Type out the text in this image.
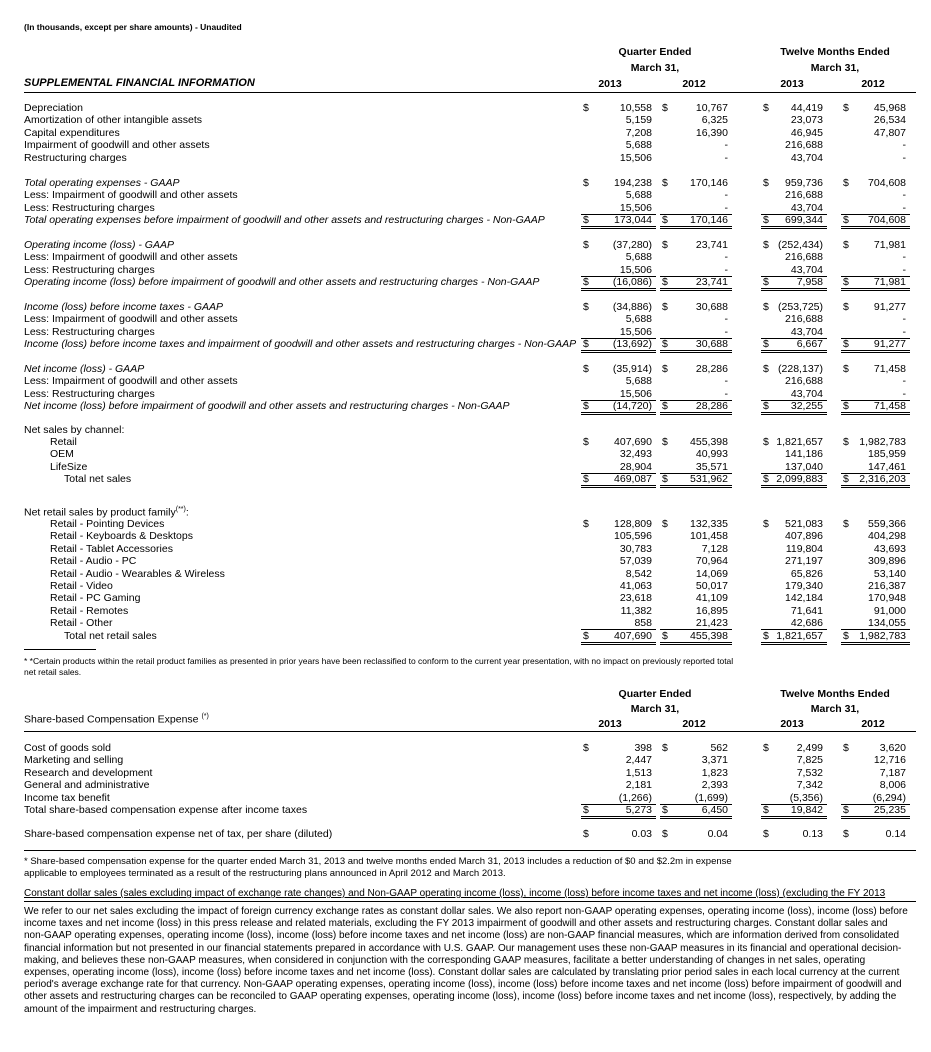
(In thousands, except per share amounts) - Unaudited
Quarter Ended
March 31,
Twelve Months Ended
March 31,
2013	2012	2013	2012
SUPPLEMENTAL FINANCIAL INFORMATION
Depreciation	$	10,558 $	10,767	$	44,419 $	45,968
Amortization of other intangible assets	5,159	6,325	23,073	26,534
Capital expenditures	7,208	16,390	46,945	47,807
Impairment of goodwill and other assets	5,688	-	216,688	-
Restructuring charges	15,506	-	43,704	-
Total operating expenses - GAAP	$	194,238 $	170,146	$	959,736 $	704,608
Less: Impairment of goodwill and other assets	5,688	-	216,688	-
Less: Restructuring charges	15,506	-	43,704	-
Total operating expenses before impairment of goodwill and other assets and restructuring charges - Non-GAAP	$	173,044 $	170,146	$	699,344 $	704,608
Operating income (loss) - GAAP	$	(37,280) $	23,741	$ (252,434) $	71,981
Less: Impairment of goodwill and other assets	5,688	-	216,688	-
Less: Restructuring charges	15,506	-	43,704	-
Operating income (loss) before impairment of goodwill and other assets and restructuring charges - Non-GAAP	$	(16,086) $	23,741	$	7,958 $	71,981
Income (loss) before income taxes - GAAP	$	(34,886) $	30,688	$ (253,725) $	91,277
Less: Impairment of goodwill and other assets	5,688	-	216,688	-
Less: Restructuring charges	15,506	-	43,704	-
Income (loss) before income taxes and impairment of goodwill and other assets and restructuring charges - Non-GAAP $	(13,692) $	30,688	$	6,667 $	91,277
Net income (loss) - GAAP	$	(35,914) $	28,286	$ (228,137) $	71,458
Less: Impairment of goodwill and other assets	5,688	-	216,688	-
Less: Restructuring charges	15,506	-	43,704	-
Net income (loss) before impairment of goodwill and other assets and restructuring charges - Non-GAAP	$	(14,720) $	28,286	$	32,255 $	71,458
Net sales by channel:
Retail	$	407,690 $	455,398	$ 1,821,657 $ 1,982,783
OEM	32,493	40,993	141,186	185,959
LifeSize	28,904	35,571	137,040	147,461
Total net sales	$	469,087 $	531,962	$ 2,099,883 $ 2,316,203
Net retail sales by product family(**):
Retail - Pointing Devices	$	128,809 $	132,335	$	521,083 $	559,366
Retail - Keyboards & Desktops	105,596	101,458	407,896	404,298
Retail - Tablet Accessories	30,783	7,128	119,804	43,693
Retail - Audio - PC	57,039	70,964	271,197	309,896
Retail - Audio - Wearables & Wireless	8,542	14,069	65,826	53,140
Retail - Video	41,063	50,017	179,340	216,387
Retail - PC Gaming	23,618	41,109	142,184	170,948
Retail - Remotes	11,382	16,895	71,641	91,000
Retail - Other	858	21,423	42,686	134,055
Total net retail sales	$	407,690 $	455,398	$ 1,821,657 $ 1,982,783
* *Certain products within the retail product families as presented in prior years have been reclassified to conform to the current year presentation, with no impact on previously reported total net retail sales.
Quarter Ended
March 31,
Twelve Months Ended
March 31,
2013	2012	2013	2012
Share-based Compensation Expense (*)
Cost of goods sold	$	398 $	562	$	2,499 $	3,620
Marketing and selling	2,447	3,371	7,825	12,716
Research and development	1,513	1,823	7,532	7,187
General and administrative	2,181	2,393	7,342	8,006
Income tax benefit	(1,266)	(1,699)	(5,356)	(6,294)
Total share-based compensation expense after income taxes	$	5,273 $	6,450	$	19,842 $	25,235
Share-based compensation expense net of tax, per share (diluted)	$	0.03 $	0.04	$	0.13 $	0.14
* Share-based compensation expense for the quarter ended March 31, 2013 and twelve months ended March 31, 2013 includes a reduction of $0 and $2.2m in expense applicable to employees terminated as a result of the restructuring plans announced in April 2012 and March 2013.
Constant dollar sales (sales excluding impact of exchange rate changes) and Non-GAAP operating income (loss), income (loss) before income taxes and net income (loss) (excluding the FY 2013
We refer to our net sales excluding the impact of foreign currency exchange rates as constant dollar sales. We also report non-GAAP operating expenses, operating income (loss), income (loss) before income taxes and net income (loss) in this press release and related materials, excluding the FY 2013 impairment of goodwill and other assets and restructuring charges. Constant dollar sales and non-GAAP operating expenses, operating income (loss), income (loss) before income taxes and net income (loss) are non-GAAP financial measures, which are information derived from consolidated financial information but not presented in our financial statements prepared in accordance with U.S. GAAP. Our management uses these non-GAAP measures in its financial and operational decision-making, and believes these non-GAAP measures, when considered in conjunction with the corresponding GAAP measures, facilitate a better understanding of changes in net sales, operating expenses, operating income (loss), income (loss) before income taxes and net income (loss). Constant dollar sales are calculated by translating prior period sales in each local currency at the current period's average exchange rate for that currency. Non-GAAP operating expenses, operating income (loss), income (loss) before income taxes and net income (loss) before impairment of goodwill and other assets and restructuring charges can be reconciled to GAAP operating expenses, operating income (loss), income (loss) before income taxes and net income (loss), respectively, by adding the amount of the impairment and restructuring charges.
